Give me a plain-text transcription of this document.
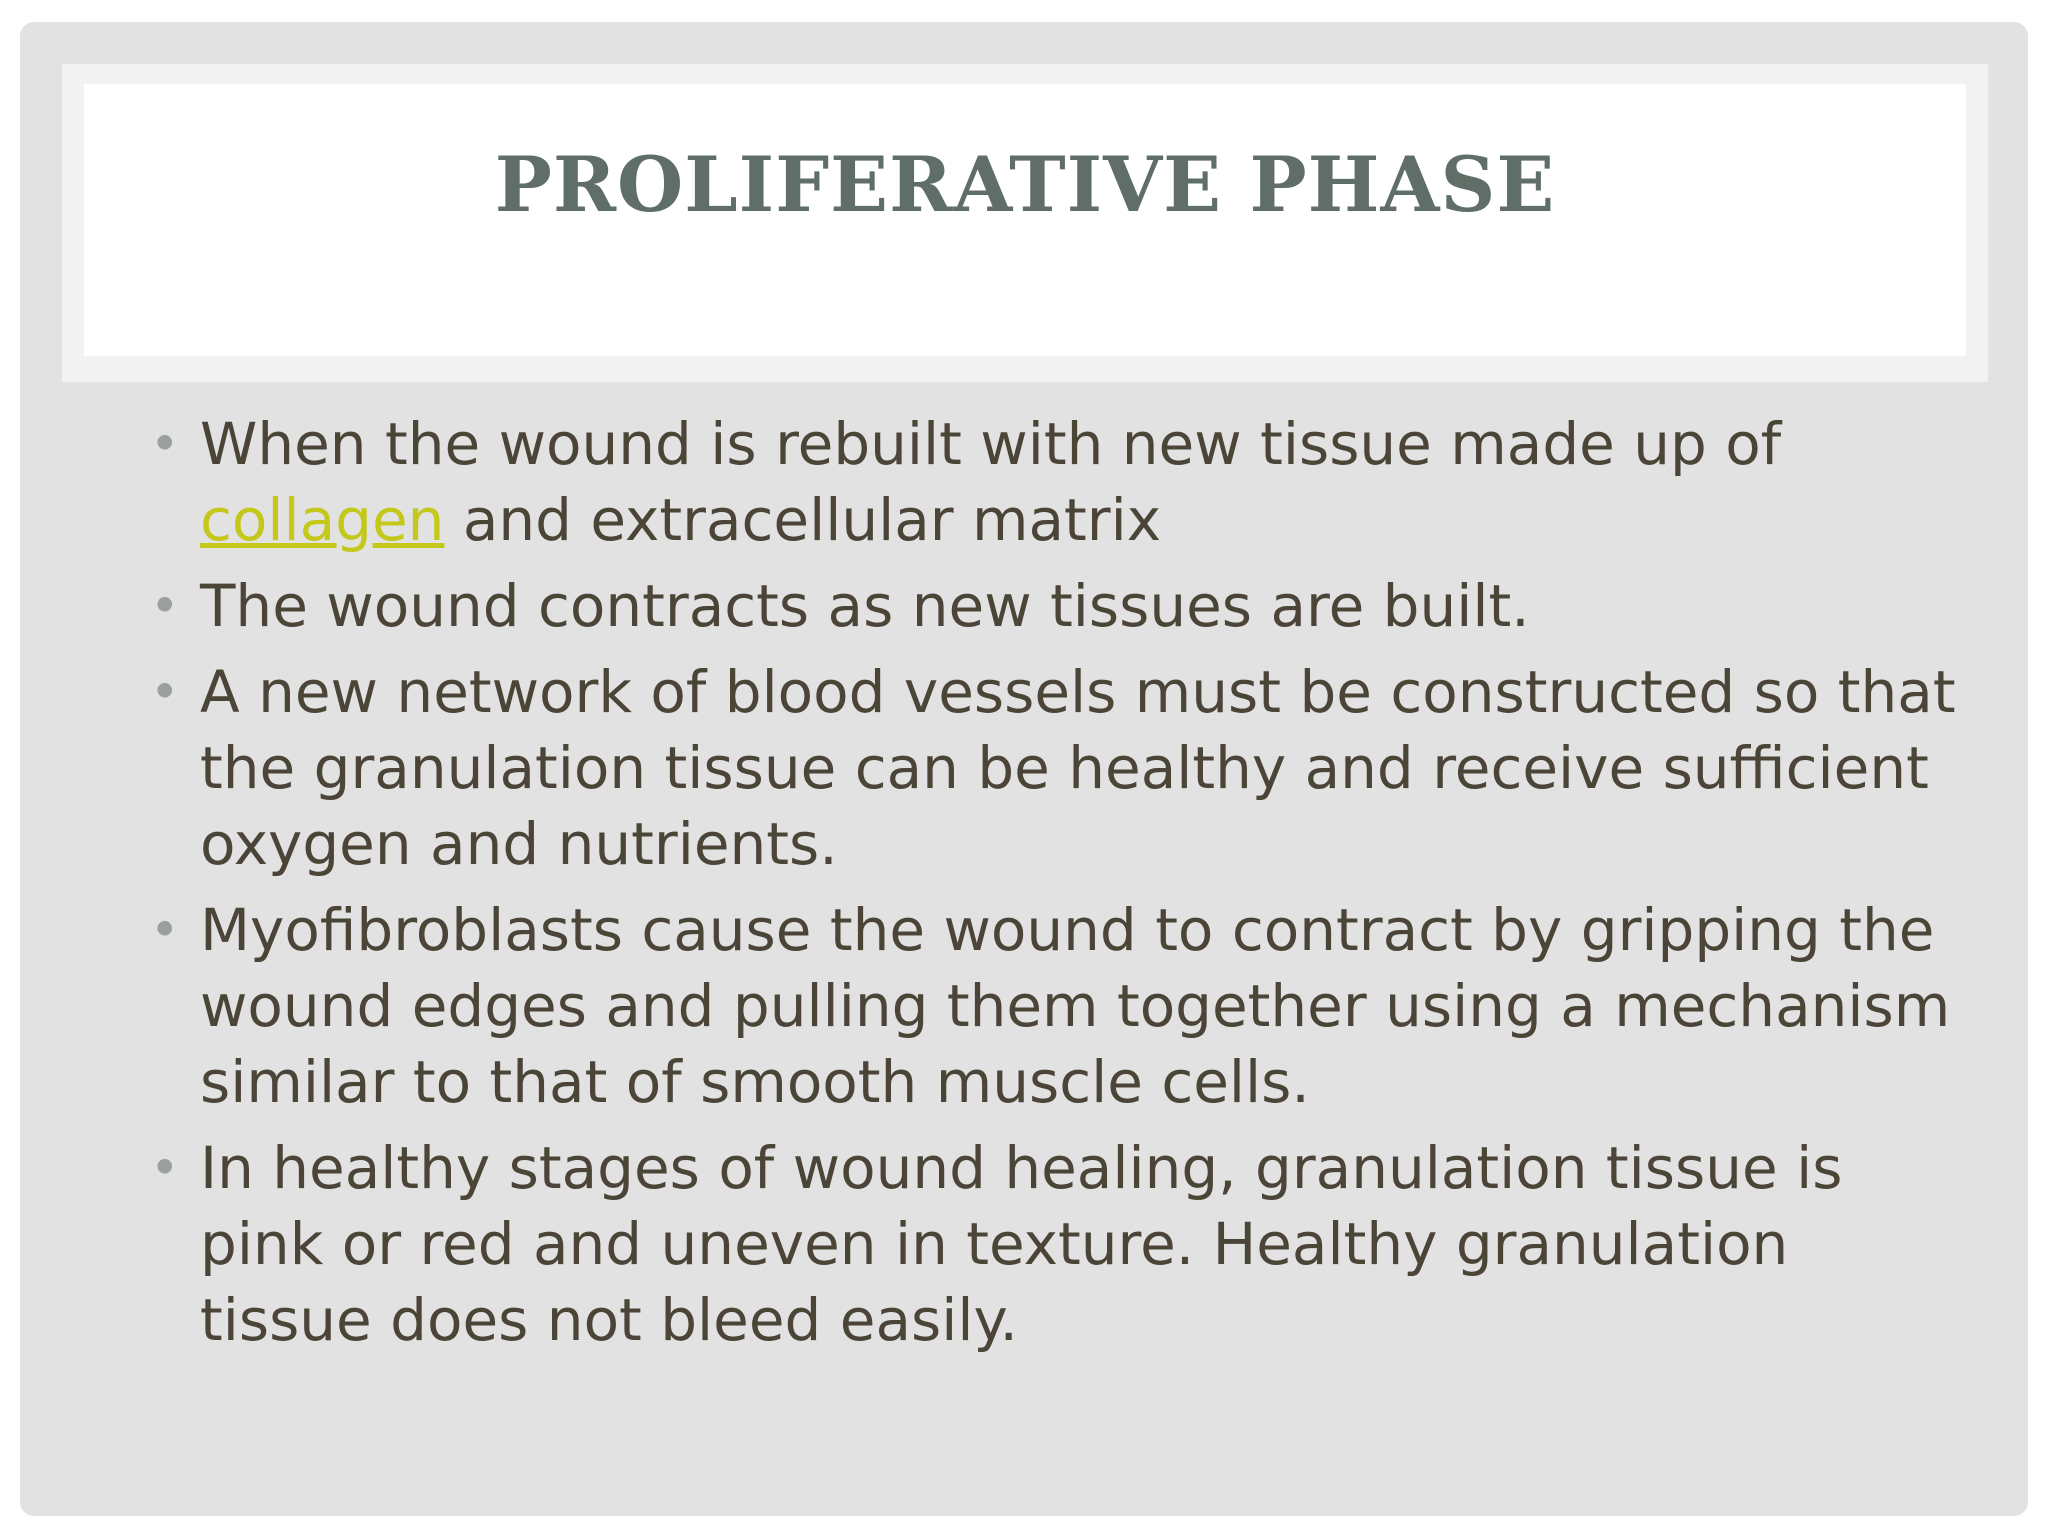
PROLIFERATIVE PHASE
• When the wound is rebuilt with new tissue made up of collagen and extracellular matrix
• The wound contracts as new tissues are built.
• A new network of blood vessels must be constructed so that the granulation tissue can be healthy and receive sufficient oxygen and nutrients.
• Myofibroblasts cause the wound to contract by gripping the wound edges and pulling them together using a mechanism similar to that of smooth muscle cells.
• In healthy stages of wound healing, granulation tissue is pink or red and uneven in texture. Healthy granulation tissue does not bleed easily.
